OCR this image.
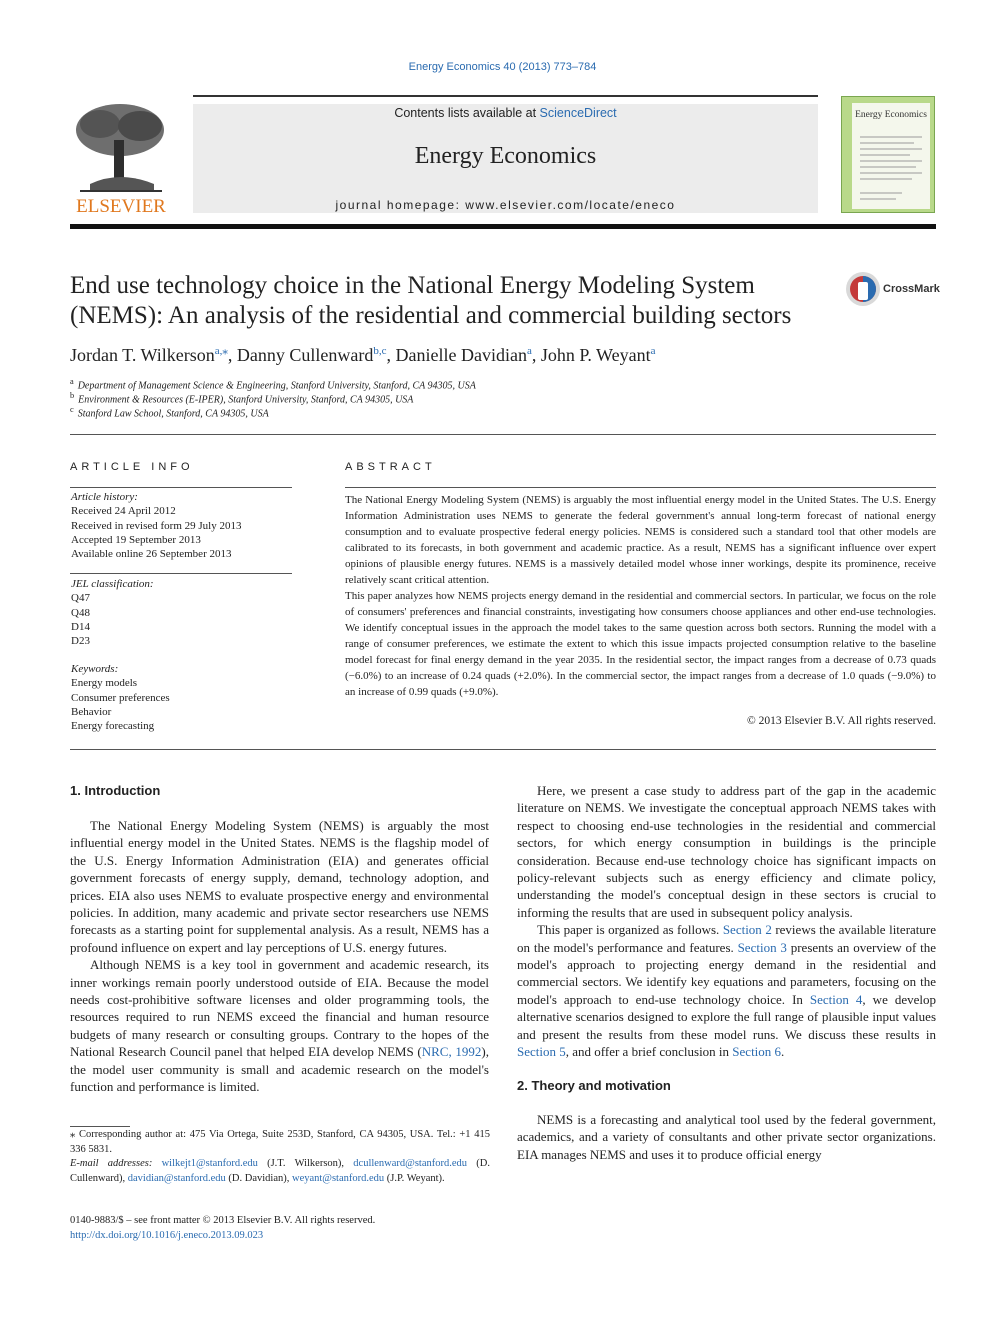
Energy Economics 40 (2013) 773–784
ELSEVIER
Contents lists available at ScienceDirect
Energy Economics
journal homepage: www.elsevier.com/locate/eneco
Energy Economics
End use technology choice in the National Energy Modeling System (NEMS): An analysis of the residential and commercial building sectors
CrossMark
Jordan T. Wilkerson$^{a,⁎}$, Danny Cullenward$^{b,c}$, Danielle Davidian$^a$, John P. Weyant$^a$
$^a$ Department of Management Science & Engineering, Stanford University, Stanford, CA 94305, USA
$^b$ Environment & Resources (E-IPER), Stanford University, Stanford, CA 94305, USA
$^c$ Stanford Law School, Stanford, CA 94305, USA
ARTICLE INFO	ABSTRACT
Article history:
Received 24 April 2012
Received in revised form 29 July 2013
Accepted 19 September 2013
Available online 26 September 2013
JEL classification:
Q47
Q48
D14
D23
Keywords:
Energy models
Consumer preferences
Behavior
Energy forecasting

The National Energy Modeling System (NEMS) is arguably the most influential energy model in the United States. The U.S. Energy Information Administration uses NEMS to generate the federal government's annual long-term forecast of national energy consumption and to evaluate prospective federal energy policies. NEMS is considered such a standard tool that other models are calibrated to its forecasts, in both government and academic practice. As a result, NEMS has a significant influence over expert opinions of plausible energy futures. NEMS is a massively detailed model whose inner workings, despite its prominence, receive relatively scant critical attention.

This paper analyzes how NEMS projects energy demand in the residential and commercial sectors. In particular, we focus on the role of consumers' preferences and financial constraints, investigating how consumers choose appliances and other end-use technologies. We identify conceptual issues in the approach the model takes to the same question across both sectors. Running the model with a range of consumer preferences, we estimate the extent to which this issue impacts projected consumption relative to the baseline model forecast for final energy demand in the year 2035. In the residential sector, the impact ranges from a decrease of 0.73 quads (−6.0%) to an increase of 0.24 quads (+2.0%). In the commercial sector, the impact ranges from a decrease of 1.0 quads (−9.0%) to an increase of 0.99 quads (+9.0%).

© 2013 Elsevier B.V. All rights reserved.
1. Introduction

The National Energy Modeling System (NEMS) is arguably the most influential energy model in the United States. NEMS is the flagship model of the U.S. Energy Information Administration (EIA) and generates official government forecasts of energy supply, demand, technology adoption, and prices. EIA also uses NEMS to evaluate prospective energy and environmental policies. In addition, many academic and private sector researchers use NEMS forecasts as a starting point for supplemental analysis. As a result, NEMS has a profound influence on expert and lay perceptions of U.S. energy futures.

Although NEMS is a key tool in government and academic research, its inner workings remain poorly understood outside of EIA. Because the model needs cost-prohibitive software licenses and older programming tools, the resources required to run NEMS exceed the financial and human resource budgets of many research or consulting groups. Contrary to the hopes of the National Research Council panel that helped EIA develop NEMS (NRC, 1992), the model user community is small and academic research on the model's function and performance is limited.

Here, we present a case study to address part of the gap in the academic literature on NEMS. We investigate the conceptual approach NEMS takes with respect to choosing end-use technologies in the residential and commercial sectors, for which energy consumption in buildings is the principle consideration. Because end-use technology choice has significant impacts on policy-relevant subjects such as energy efficiency and climate policy, understanding the model's conceptual design in these sectors is crucial to informing the results that are used in subsequent policy analysis.

This paper is organized as follows. Section 2 reviews the available literature on the model's performance and features. Section 3 presents an overview of the model's approach to projecting energy demand in the residential and commercial sectors. We identify key equations and parameters, focusing on the model's approach to end-use technology choice. In Section 4, we develop alternative scenarios designed to explore the full range of plausible input values and present the results from these model runs. We discuss these results in Section 5, and offer a brief conclusion in Section 6.

2. Theory and motivation

NEMS is a forecasting and analytical tool used by the federal government, academics, and a variety of consultants and other private sector organizations. EIA manages NEMS and uses it to produce official energy

⁎ Corresponding author at: 475 Via Ortega, Suite 253D, Stanford, CA 94305, USA. Tel.: +1 415 336 5831.
E-mail addresses: wilkejt1@stanford.edu (J.T. Wilkerson), dcullenward@stanford.edu (D. Cullenward), davidian@stanford.edu (D. Davidian), weyant@stanford.edu (J.P. Weyant).
0140-9883/$ – see front matter © 2013 Elsevier B.V. All rights reserved.
http://dx.doi.org/10.1016/j.eneco.2013.09.023
